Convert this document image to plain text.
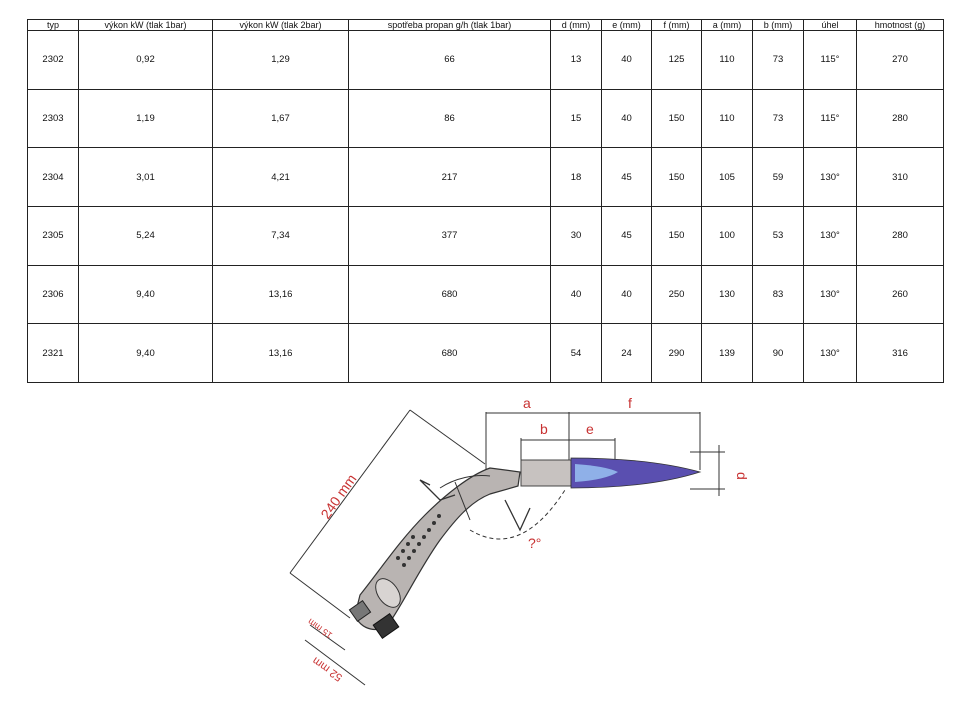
typ	výkon kW (tlak 1bar)	výkon kW (tlak 2bar)	spotřeba propan g/h (tlak 1bar)	d (mm)	e (mm)	f (mm)	a (mm)	b (mm)	úhel	hmotnost (g)
2302	0,92	1,29	66	13	40	125	110	73	115°	270
2303	1,19	1,67	86	15	40	150	110	73	115°	280
2304	3,01	4,21	217	18	45	150	105	59	130°	310
2305	5,24	7,34	377	30	45	150	100	53	130°	280
2306	9,40	13,16	680	40	40	250	130	83	130°	260
2321	9,40	13,16	680	54	24	290	139	90	130°	316
a	f
b	e
d
240 mm
?°
15 mm
52 mm
